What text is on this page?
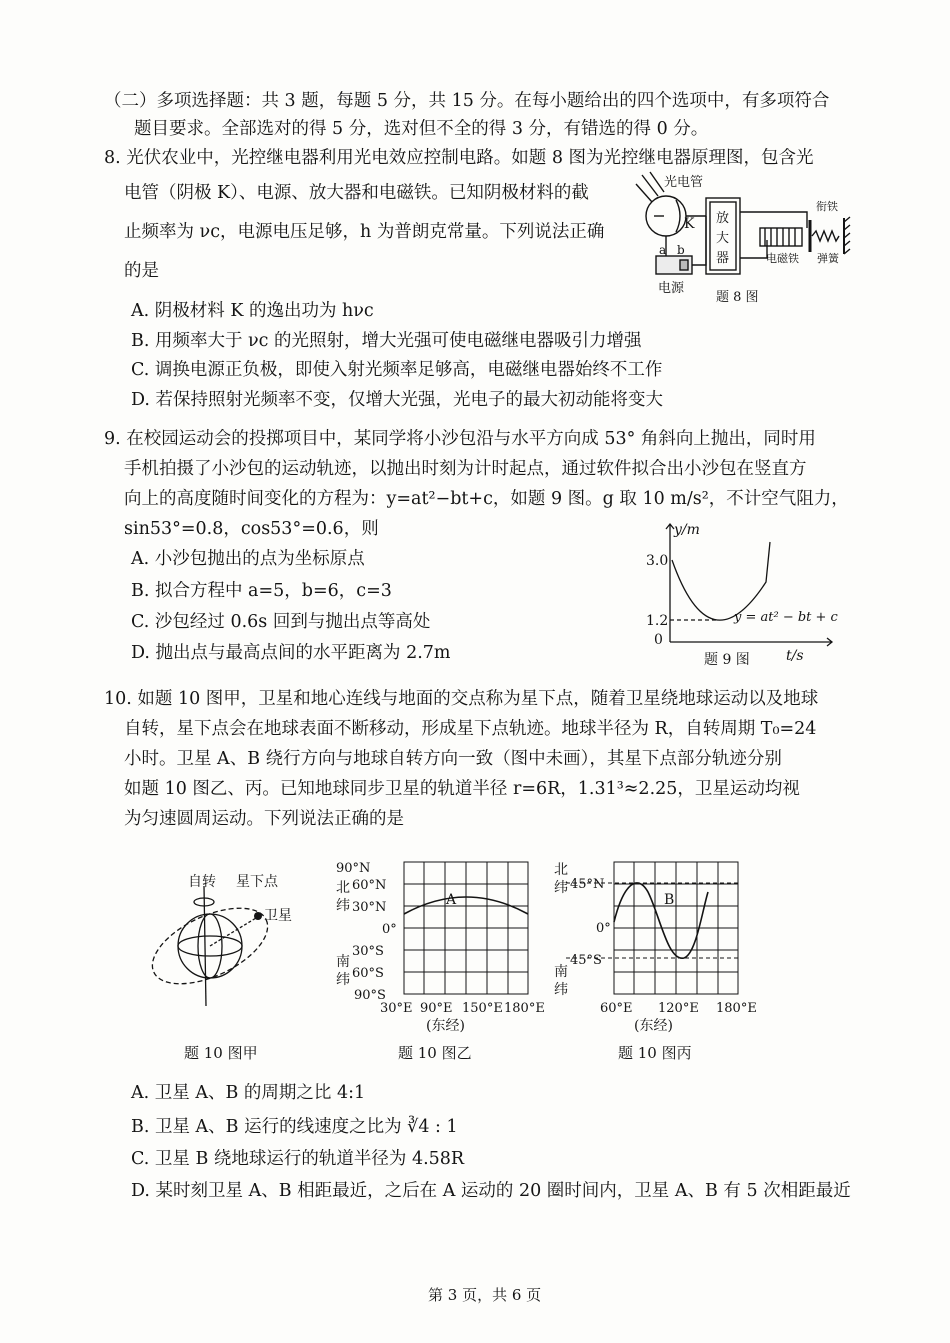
（二）多项选择题：共 3 题，每题 5 分，共 15 分。在每小题给出的四个选项中，有多项符合
题目要求。全部选对的得 5 分，选对但不全的得 3 分，有错选的得 0 分。
8. 光伏农业中，光控继电器利用光电效应控制电路。如题 8 图为光控继电器原理图，包含光
电管（阴极 K）、电源、放大器和电磁铁。已知阴极材料的截
止频率为 νc，电源电压足够，h 为普朗克常量。下列说法正确
的是
A. 阴极材料 K 的逸出功为 hνc
B. 用频率大于 νc 的光照射，增大光强可使电磁继电器吸引力增强
C. 调换电源正负极，即使入射光频率足够高，电磁继电器始终不工作
D. 若保持照射光频率不变，仅增大光强，光电子的最大初动能将变大
光电管
K
a b
电源
放
大
器	电磁铁
衔铁
弹簧
题 8 图
9. 在校园运动会的投掷项目中，某同学将小沙包沿与水平方向成 53° 角斜向上抛出，同时用
手机拍摄了小沙包的运动轨迹，以抛出时刻为计时起点，通过软件拟合出小沙包在竖直方
向上的高度随时间变化的方程为：y=at²−bt+c，如题 9 图。g 取 10 m/s²，不计空气阻力，
sin53°=0.8，cos53°=0.6，则
A. 小沙包抛出的点为坐标原点
B. 拟合方程中 a=5，b=6，c=3
C. 沙包经过 0.6s 回到与抛出点等高处
D. 抛出点与最高点间的水平距离为 2.7m
y/m
3.0
1.2
0
y = at² − bt + c
题 9 图	t/s
10. 如题 10 图甲，卫星和地心连线与地面的交点称为星下点，随着卫星绕地球运动以及地球
自转，星下点会在地球表面不断移动，形成星下点轨迹。地球半径为 R，自转周期 T₀=24
小时。卫星 A、B 绕行方向与地球自转方向一致（图中未画），其星下点部分轨迹分别
如题 10 图乙、丙。已知地球同步卫星的轨道半径 r=6R，1.31³≈2.25，卫星运动均视
为匀速圆周运动。下列说法正确的是
自转 星下点
卫星
题 10 图甲
90°N
60°N
30°N
0°
30°S
60°S
90°S
北
纬
南
纬
A
30°E 90°E 150°E 180°E
(东经)
题 10 图乙
45°N
0°
45°S
北
纬
南
纬
B
60°E 120°E 180°E
(东经)
题 10 图丙
A. 卫星 A、B 的周期之比 4:1
B. 卫星 A、B 运行的线速度之比为 ∛4 : 1
C. 卫星 B 绕地球运行的轨道半径为 4.58R
D. 某时刻卫星 A、B 相距最近，之后在 A 运动的 20 圈时间内，卫星 A、B 有 5 次相距最近
第 3 页，共 6 页
